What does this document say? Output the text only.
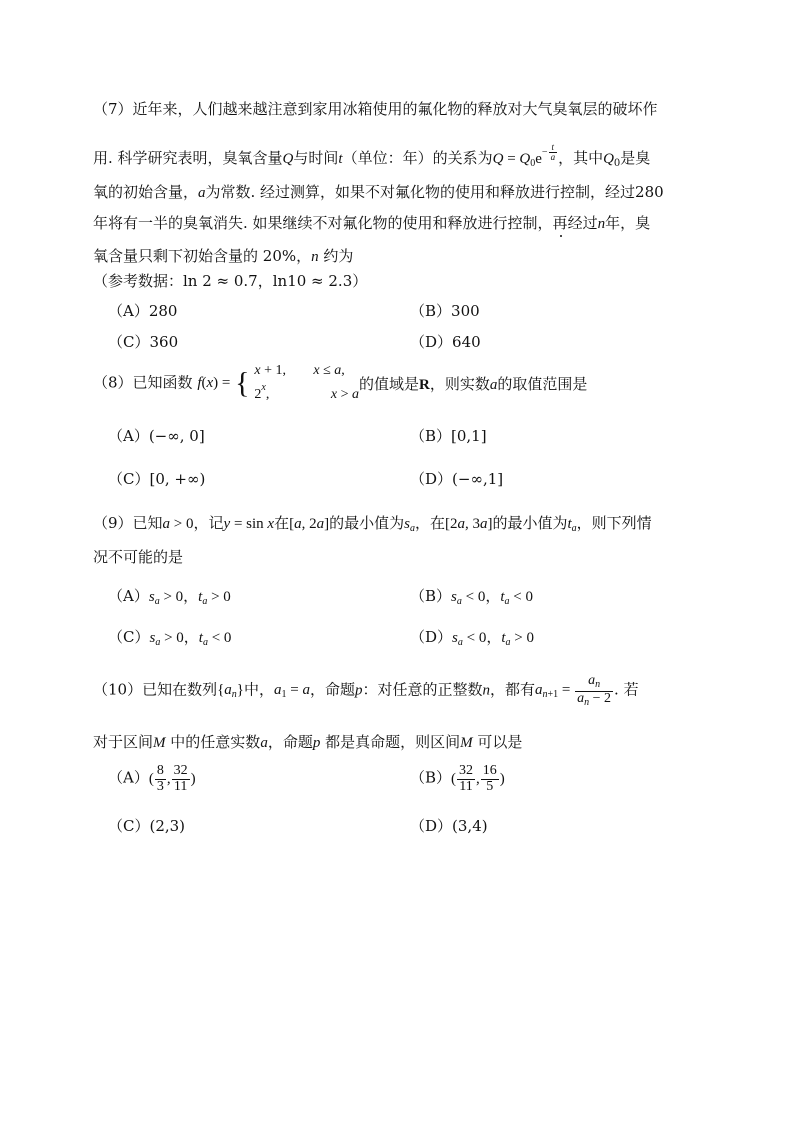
（7）近年来，人们越来越注意到家用冰箱使用的氟化物的释放对大气臭氧层的破坏作
用. 科学研究表明，臭氧含量Q与时间t（单位：年）的关系为$Q = Q_0e^{- \frac{t}{a}}$ ，其中$Q_0$是臭
氧的初始含量，a为常数. 经过测算，如果不对氟化物的使用和释放进行控制，经过280
年将有一半的臭氧消失. 如果继续不对氟化物的使用和释放进行控制，再经过n年，臭
氧含量只剩下初始含量的 20%，n 约为
（参考数据：ln 2 ≈ 0.7，ln10 ≈ 2.3）
（A）280	（B）300
（C）360	（D）640
（8）已知函数 f(x) = { x + 1, x ≤ a,
2x,	x > a
的值域是R，则实数a的取值范围是
（A）(−∞, 0]	（B）[0,1]
（C）[0, +∞)	（D）(−∞,1]
（9）已知a > 0，记y = sin x在[a, 2a]的最小值为$s_a$，在[2a, 3a]的最小值为$t_a$，则下列情
况不可能的是
$(A)s_a > 0$，$t_a > 0$	$(B)s_a < 0$，$t_a < 0$
$(C)s_a > 0$，$t_a < 0$	$(D)s_a < 0$，$t_a > 0$
（10）已知在数列$\{a_n\}$中，$a_1 = a$，命题p：对任意的正整数n，都有$a_{n+1} = \frac{a_n}{a_n - 2}$ . 若
对于区间M 中的任意实数a，命题p 都是真命题，则区间M 可以是
$(A)( \frac{8}{3}$ , $\frac{32}{11}$ )	$(B)( \frac{32}{11}$ , $\frac{16}{5}$ )
（C）(2,3)	（D）(3,4)
